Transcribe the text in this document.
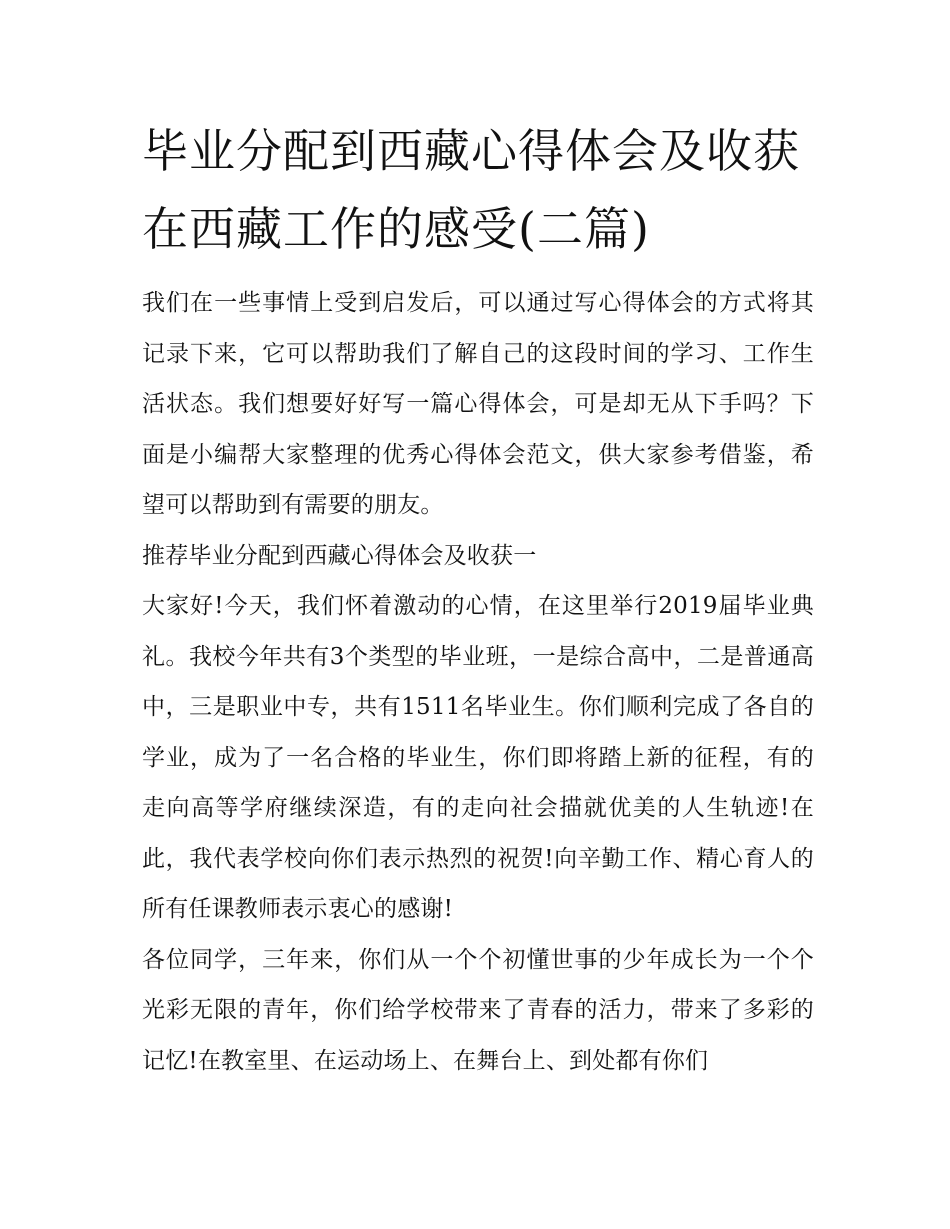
毕业分配到西藏心得体会及收获 在西藏工作的感受(二篇)

我们在一些事情上受到启发后，可以通过写心得体会的方式将其记录下来，它可以帮助我们了解自己的这段时间的学习、工作生活状态。我们想要好好写一篇心得体会，可是却无从下手吗？下面是小编帮大家整理的优秀心得体会范文，供大家参考借鉴，希望可以帮助到有需要的朋友。

推荐毕业分配到西藏心得体会及收获一

大家好!今天，我们怀着激动的心情，在这里举行2019届毕业典礼。我校今年共有3个类型的毕业班，一是综合高中，二是普通高中，三是职业中专，共有1511名毕业生。你们顺利完成了各自的学业，成为了一名合格的毕业生，你们即将踏上新的征程，有的走向高等学府继续深造，有的走向社会描就优美的人生轨迹!在此，我代表学校向你们表示热烈的祝贺!向辛勤工作、精心育人的所有任课教师表示衷心的感谢!

各位同学，三年来，你们从一个个初懂世事的少年成长为一个个光彩无限的青年，你们给学校带来了青春的活力，带来了多彩的记忆!在教室里、在运动场上、在舞台上、到处都有你们
